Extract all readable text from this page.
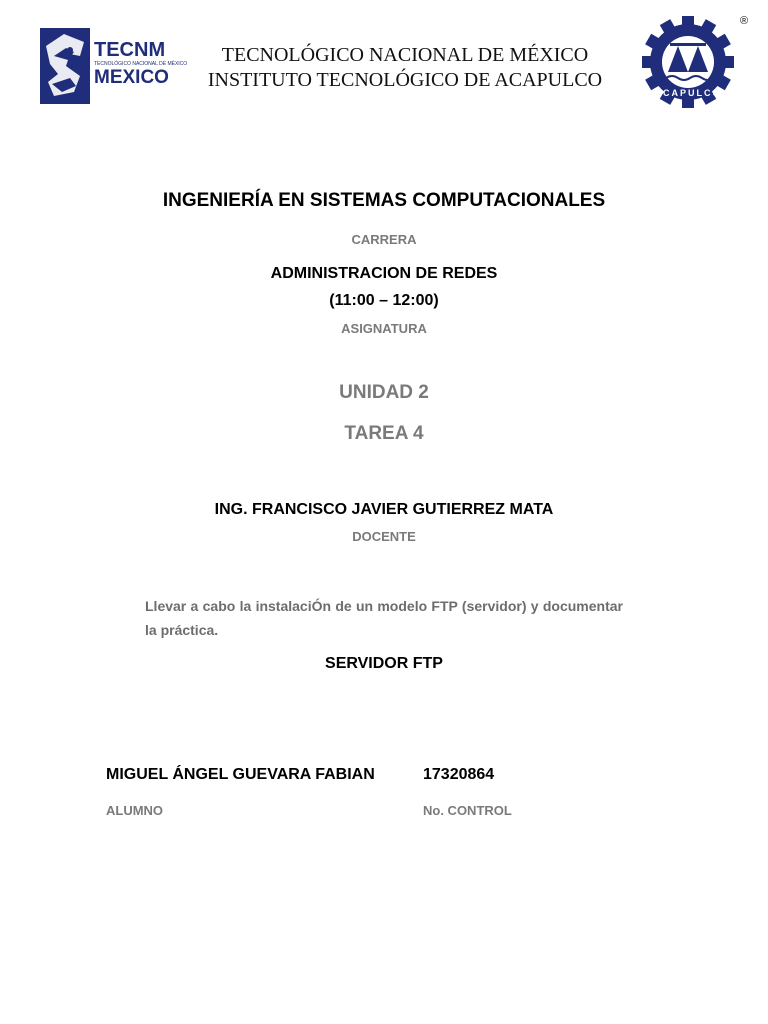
TECNM
TECNOLÓGICO NACIONAL DE MÉXICO
MEXICO
TECNOLÓGICO NACIONAL DE MÉXICO
INSTITUTO TECNOLÓGICO DE ACAPULCO
ACAPULCO
®
INGENIERÍA EN SISTEMAS COMPUTACIONALES
CARRERA
ADMINISTRACION DE REDES
(11:00 – 12:00)
ASIGNATURA
UNIDAD 2
TAREA 4
ING. FRANCISCO JAVIER GUTIERREZ MATA
DOCENTE
Llevar a cabo la instalaciÓn de un modelo FTP (servidor) y documentar la práctica.
SERVIDOR FTP
MIGUEL ÁNGEL GUEVARA FABIAN	17320864
ALUMNO	No. CONTROL
